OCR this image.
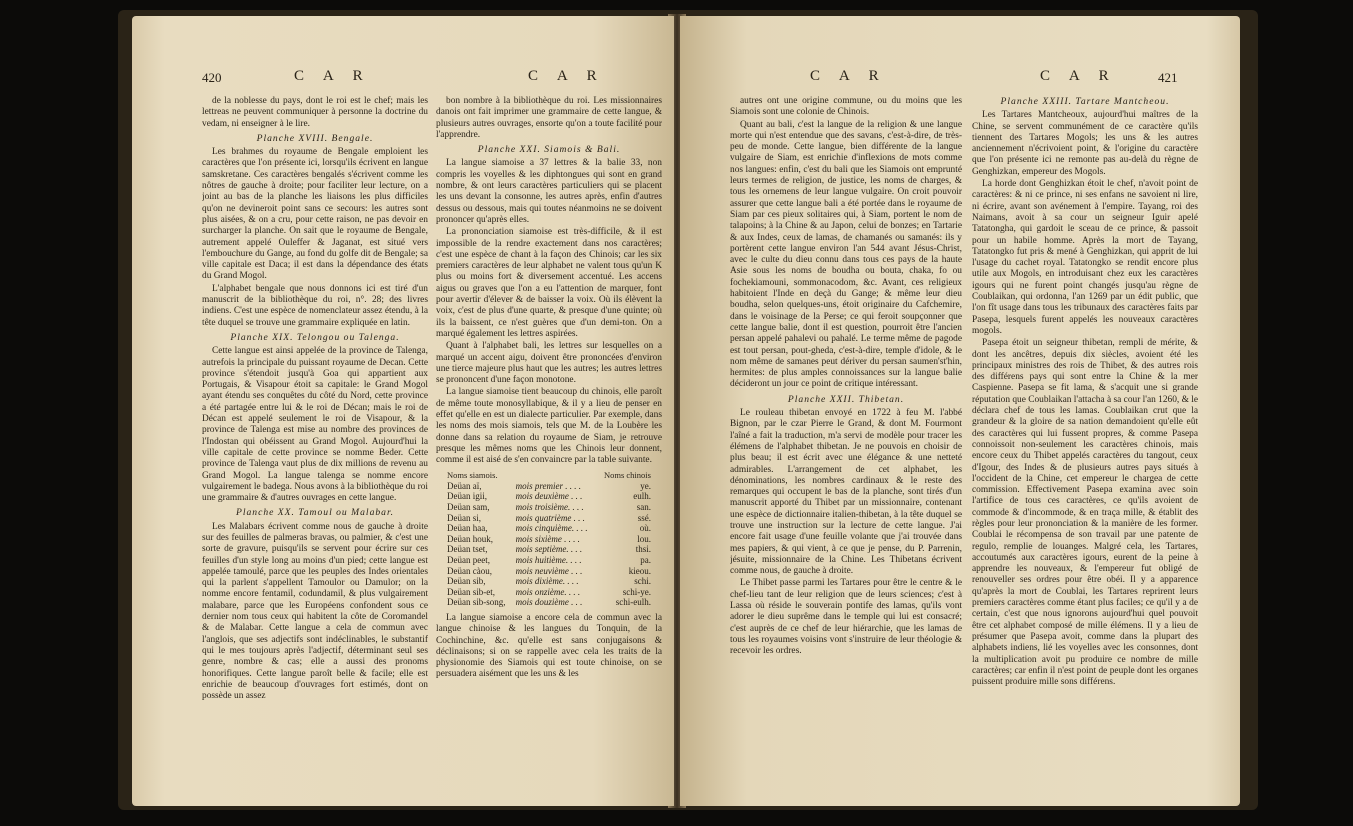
420	C A R	C A R

de la noblesse du pays, dont le roi est le chef; mais les lettreas ne peuvent communiquer à personne la doctrine du vedam, ni enseigner à le lire.

Planche XVIII. Bengale.

Les brahmes du royaume de Bengale emploient les caractères que l'on présente ici, lorsqu'ils écrivent en langue samskretane. Ces caractères bengalés s'écrivent comme les nôtres de gauche à droite; pour faciliter leur lecture, on a joint au bas de la planche les liaisons les plus difficiles qu'on ne devineroit point sans ce secours: les autres sont plus aisées, & on a cru, pour cette raison, ne pas devoir en surcharger la planche. On sait que le royaume de Bengale, autrement appelé Ouleffer & Jaganat, est situé vers l'embouchure du Gange, au fond du golfe dit de Bengale; sa ville capitale est Daca; il est dans la dépendance des états du Grand Mogol.

L'alphabet bengale que nous donnons ici est tiré d'un manuscrit de la bibliothèque du roi, n°. 28; des livres indiens. C'est une espèce de nomenclateur assez étendu, à la tête duquel se trouve une grammaire expliquée en latin.

Planche XIX. Telongou ou Talenga.

Cette langue est ainsi appelée de la province de Talenga, autrefois la principale du puissant royaume de Decan. Cette province s'étendoit jusqu'à Goa qui appartient aux Portugais, & Visapour étoit sa capitale: le Grand Mogol ayant étendu ses conquêtes du côté du Nord, cette province a été partagée entre lui & le roi de Décan; mais le roi de Décan est appelé seulement le roi de Visapour, & la province de Talenga est mise au nombre des provinces de l'Indostan qui obéissent au Grand Mogol. Aujourd'hui la ville capitale de cette province se nomme Beder. Cette province de Talenga vaut plus de dix millions de revenu au Grand Mogol. La langue talenga se nomme encore vulgairement le badega. Nous avons à la bibliothèque du roi une grammaire & d'autres ouvrages en cette langue.

Planche XX. Tamoul ou Malabar.

Les Malabars écrivent comme nous de gauche à droite sur des feuilles de palmeras bravas, ou palmier, & c'est une sorte de gravure, puisqu'ils se servent pour écrire sur ces feuilles d'un style long au moins d'un pied; cette langue est appelée tamoulé, parce que les peuples des Indes orientales qui la parlent s'appellent Tamoulor ou Damulor; on la nomme encore fentamil, codundamil, & plus vulgairement malabare, parce que les Européens confondent sous ce dernier nom tous ceux qui habitent la côte de Coromandel & de Malabar. Cette langue a cela de commun avec l'anglois, que ses adjectifs sont indéclinables, le substantif qui le mes toujours après l'adjectif, déterminant seul ses genre, nombre & cas; elle a aussi des pronoms honorifiques. Cette langue paroît belle & facile; elle est enrichie de beaucoup d'ouvrages fort estimés, dont on possède un assez

bon nombre à la bibliothèque du roi. Les missionnaires danois ont fait imprimer une grammaire de cette langue, & plusieurs autres ouvrages, ensorte qu'on a toute facilité pour l'apprendre.

Planche XXI. Siamois & Bali.

La langue siamoise a 37 lettres & la balie 33, non compris les voyelles & les diphtongues qui sont en grand nombre, & ont leurs caractères particuliers qui se placent les uns devant la consonne, les autres après, enfin d'autres dessus ou dessous, mais qui toutes néanmoins ne se doivent prononcer qu'après elles.

La prononciation siamoise est très-difficile, & il est impossible de la rendre exactement dans nos caractères; c'est une espèce de chant à la façon des Chinois; car les six premiers caractères de leur alphabet ne valent tous qu'un K plus ou moins fort & diversement accentué. Les accens aigus ou graves que l'on a eu l'attention de marquer, font pour avertir d'élever & de baisser la voix. Où ils élèvent la voix, c'est de plus d'une quarte, & presque d'une quinte; où ils la baissent, ce n'est guères que d'un demi-ton. On a marqué également les lettres aspirées.

Quant à l'alphabet bali, les lettres sur lesquelles on a marqué un accent aigu, doivent être prononcées d'environ une tierce majeure plus haut que les autres; les autres lettres se prononcent d'une façon monotone.

La langue siamoise tient beaucoup du chinois, elle paroît de même toute monosyllabique, & il y a lieu de penser en effet qu'elle en est un dialecte particulier. Par exemple, dans les noms des mois siamois, tels que M. de la Loubère les donne dans sa relation du royaume de Siam, je retrouve presque les mêmes noms que les Chinois leur donnent, comme il est aisé de s'en convaincre par la table suivante.

Noms siamois.		Noms chinois
Deüan aï,	mois premier . . . .	ye.
Deüan igii,	mois deuxième . . .	eulh.
Deüan sam,	mois troisième. . . .	san.
Deüan si,	mois quatrième . . .	ssé.
Deüan haa,	mois cinquième. . . .	où.
Deüan houk,	mois sixième . . . .	lou.
Deüan tset,	mois septième. . . .	thsi.
Deüan peet,	mois huitième. . . .	pa.
Deüan càou,	mois neuvième . . .	kieou.
Deüan sib,	mois dixième. . . .	schi.
Deüan sib-et,	mois onzième. . . .	schi-ye.
Deüan sib-song,	mois douzième . . .	schi-eulh.

La langue siamoise a encore cela de commun avec la langue chinoise & les langues du Tonquin, de la Cochinchine, &c. qu'elle est sans conjugaisons & déclinaisons; si on se rappelle avec cela les traits de la physionomie des Siamois qui est toute chinoise, on se persuadera aisément que les uns & les

C A R	C A R	421

autres ont une origine commune, ou du moins que les Siamois sont une colonie de Chinois.

Quant au bali, c'est la langue de la religion & une langue morte qui n'est entendue que des savans, c'est-à-dire, de très-peu de monde. Cette langue, bien différente de la langue vulgaire de Siam, est enrichie d'inflexions de mots comme nos langues: enfin, c'est du bali que les Siamois ont emprunté leurs termes de religion, de justice, les noms de charges, & tous les ornemens de leur langue vulgaire. On croit pouvoir assurer que cette langue bali a été portée dans le royaume de Siam par ces pieux solitaires qui, à Siam, portent le nom de talapoins; à la Chine & au Japon, celui de bonzes; en Tartarie & aux Indes, ceux de lamas, de chamanés ou samanés: ils y portèrent cette langue environ l'an 544 avant Jésus-Christ, avec le culte du dieu connu dans tous ces pays de la haute Asie sous les noms de boudha ou bouta, chaka, fo ou fochekiamouni, sommonacodom, &c. Avant, ces religieux habitoient l'Inde en deçà du Gange; & même leur dieu boudha, selon quelques-uns, étoit originaire du Cafchemire, dans le voisinage de la Perse; ce qui feroit soupçonner que cette langue balie, dont il est question, pourroit être l'ancien persan appelé pahalevi ou pahalé. Le terme même de pagode est tout persan, pout-gheda, c'est-à-dire, temple d'idole, & le nom même de samanes peut dériver du persan saumen'st'hin, hermites: de plus amples connoissances sur la langue balie décideront un jour ce point de critique intéressant.

Planche XXII. Thibetan.

Le rouleau thibetan envoyé en 1722 à feu M. l'abbé Bignon, par le czar Pierre le Grand, & dont M. Fourmont l'aîné a fait la traduction, m'a servi de modèle pour tracer les élémens de l'alphabet thibetan. Je ne pouvois en choisir de plus beau; il est écrit avec une élégance & une netteté admirables. L'arrangement de cet alphabet, les dénominations, les nombres cardinaux & le reste des remarques qui occupent le bas de la planche, sont tirés d'un manuscrit apporté du Thibet par un missionnaire, contenant une espèce de dictionnaire italien-thibetan, à la tête duquel se trouve une instruction sur la lecture de cette langue. J'ai encore fait usage d'une feuille volante que j'ai trouvée dans mes papiers, & qui vient, à ce que je pense, du P. Parrenin, jésuite, missionnaire de la Chine. Les Thibetans écrivent comme nous, de gauche à droite.

Le Thibet passe parmi les Tartares pour être le centre & le chef-lieu tant de leur religion que de leurs sciences; c'est à Lassa où réside le souverain pontife des lamas, qu'ils vont adorer le dieu suprême dans le temple qui lui est consacré; c'est auprès de ce chef de leur hiérarchie, que les lamas de tous les royaumes voisins vont s'instruire de leur théologie & recevoir les ordres.

Planche XXIII. Tartare Mantcheou.

Les Tartares Mantcheoux, aujourd'hui maîtres de la Chine, se servent communément de ce caractère qu'ils tiennent des Tartares Mogols; les uns & les autres anciennement n'écrivoient point, & l'origine du caractère que l'on présente ici ne remonte pas au-delà du règne de Genghizkan, empereur des Mogols.

La horde dont Genghizkan étoit le chef, n'avoit point de caractères: & ni ce prince, ni ses enfans ne savoient ni lire, ni écrire, avant son avénement à l'empire. Tayang, roi des Naimans, avoit à sa cour un seigneur Iguir apelé Tatatongha, qui gardoit le sceau de ce prince, & passoit pour un habile homme. Après la mort de Tayang, Tatatongko fut pris & mené à Genghizkan, qui apprit de lui l'usage du cachet royal. Tatatongko se rendit encore plus utile aux Mogols, en introduisant chez eux les caractères igours qui ne furent point changés jusqu'au règne de Coublaikan, qui ordonna, l'an 1269 par un édit public, que l'on fît usage dans tous les tribunaux des caractères faits par Pasepa, lesquels furent appelés les nouveaux caractères mogols.

Pasepa étoit un seigneur thibetan, rempli de mérite, & dont les ancêtres, depuis dix siècles, avoient été les principaux ministres des rois de Thibet, & des autres rois des différens pays qui sont entre la Chine & la mer Caspienne. Pasepa se fit lama, & s'acquit une si grande réputation que Coublaikan l'attacha à sa cour l'an 1260, & le déclara chef de tous les lamas. Coublaikan crut que la grandeur & la gloire de sa nation demandoient qu'elle eût des caractères qui lui fussent propres, & comme Pasepa connoissoit non-seulement les caractères chinois, mais encore ceux du Thibet appelés caractères du tangout, ceux d'Igour, des Indes & de plusieurs autres pays situés à l'occident de la Chine, cet empereur le chargea de cette commission. Effectivement Pasepa examina avec soin l'artifice de tous ces caractères, ce qu'ils avoient de commode & d'incommode, & en traça mille, & établit des règles pour leur prononciation & la manière de les former. Coublai le récompensa de son travail par une patente de regulo, remplie de louanges. Malgré cela, les Tartares, accoutumés aux caractères igours, eurent de la peine à apprendre les nouveaux, & l'empereur fut obligé de renouveller ses ordres pour être obéi. Il y a apparence qu'après la mort de Coublai, les Tartares reprirent leurs premiers caractères comme étant plus faciles; ce qu'il y a de certain, c'est que nous ignorons aujourd'hui quel pouvoit être cet alphabet composé de mille élémens. Il y a lieu de présumer que Pasepa avoit, comme dans la plupart des alphabets indiens, lié les voyelles avec les consonnes, dont la multiplication avoit pu produire ce nombre de mille caractères; car enfin il n'est point de peuple dont les organes puissent produire mille sons différens.
